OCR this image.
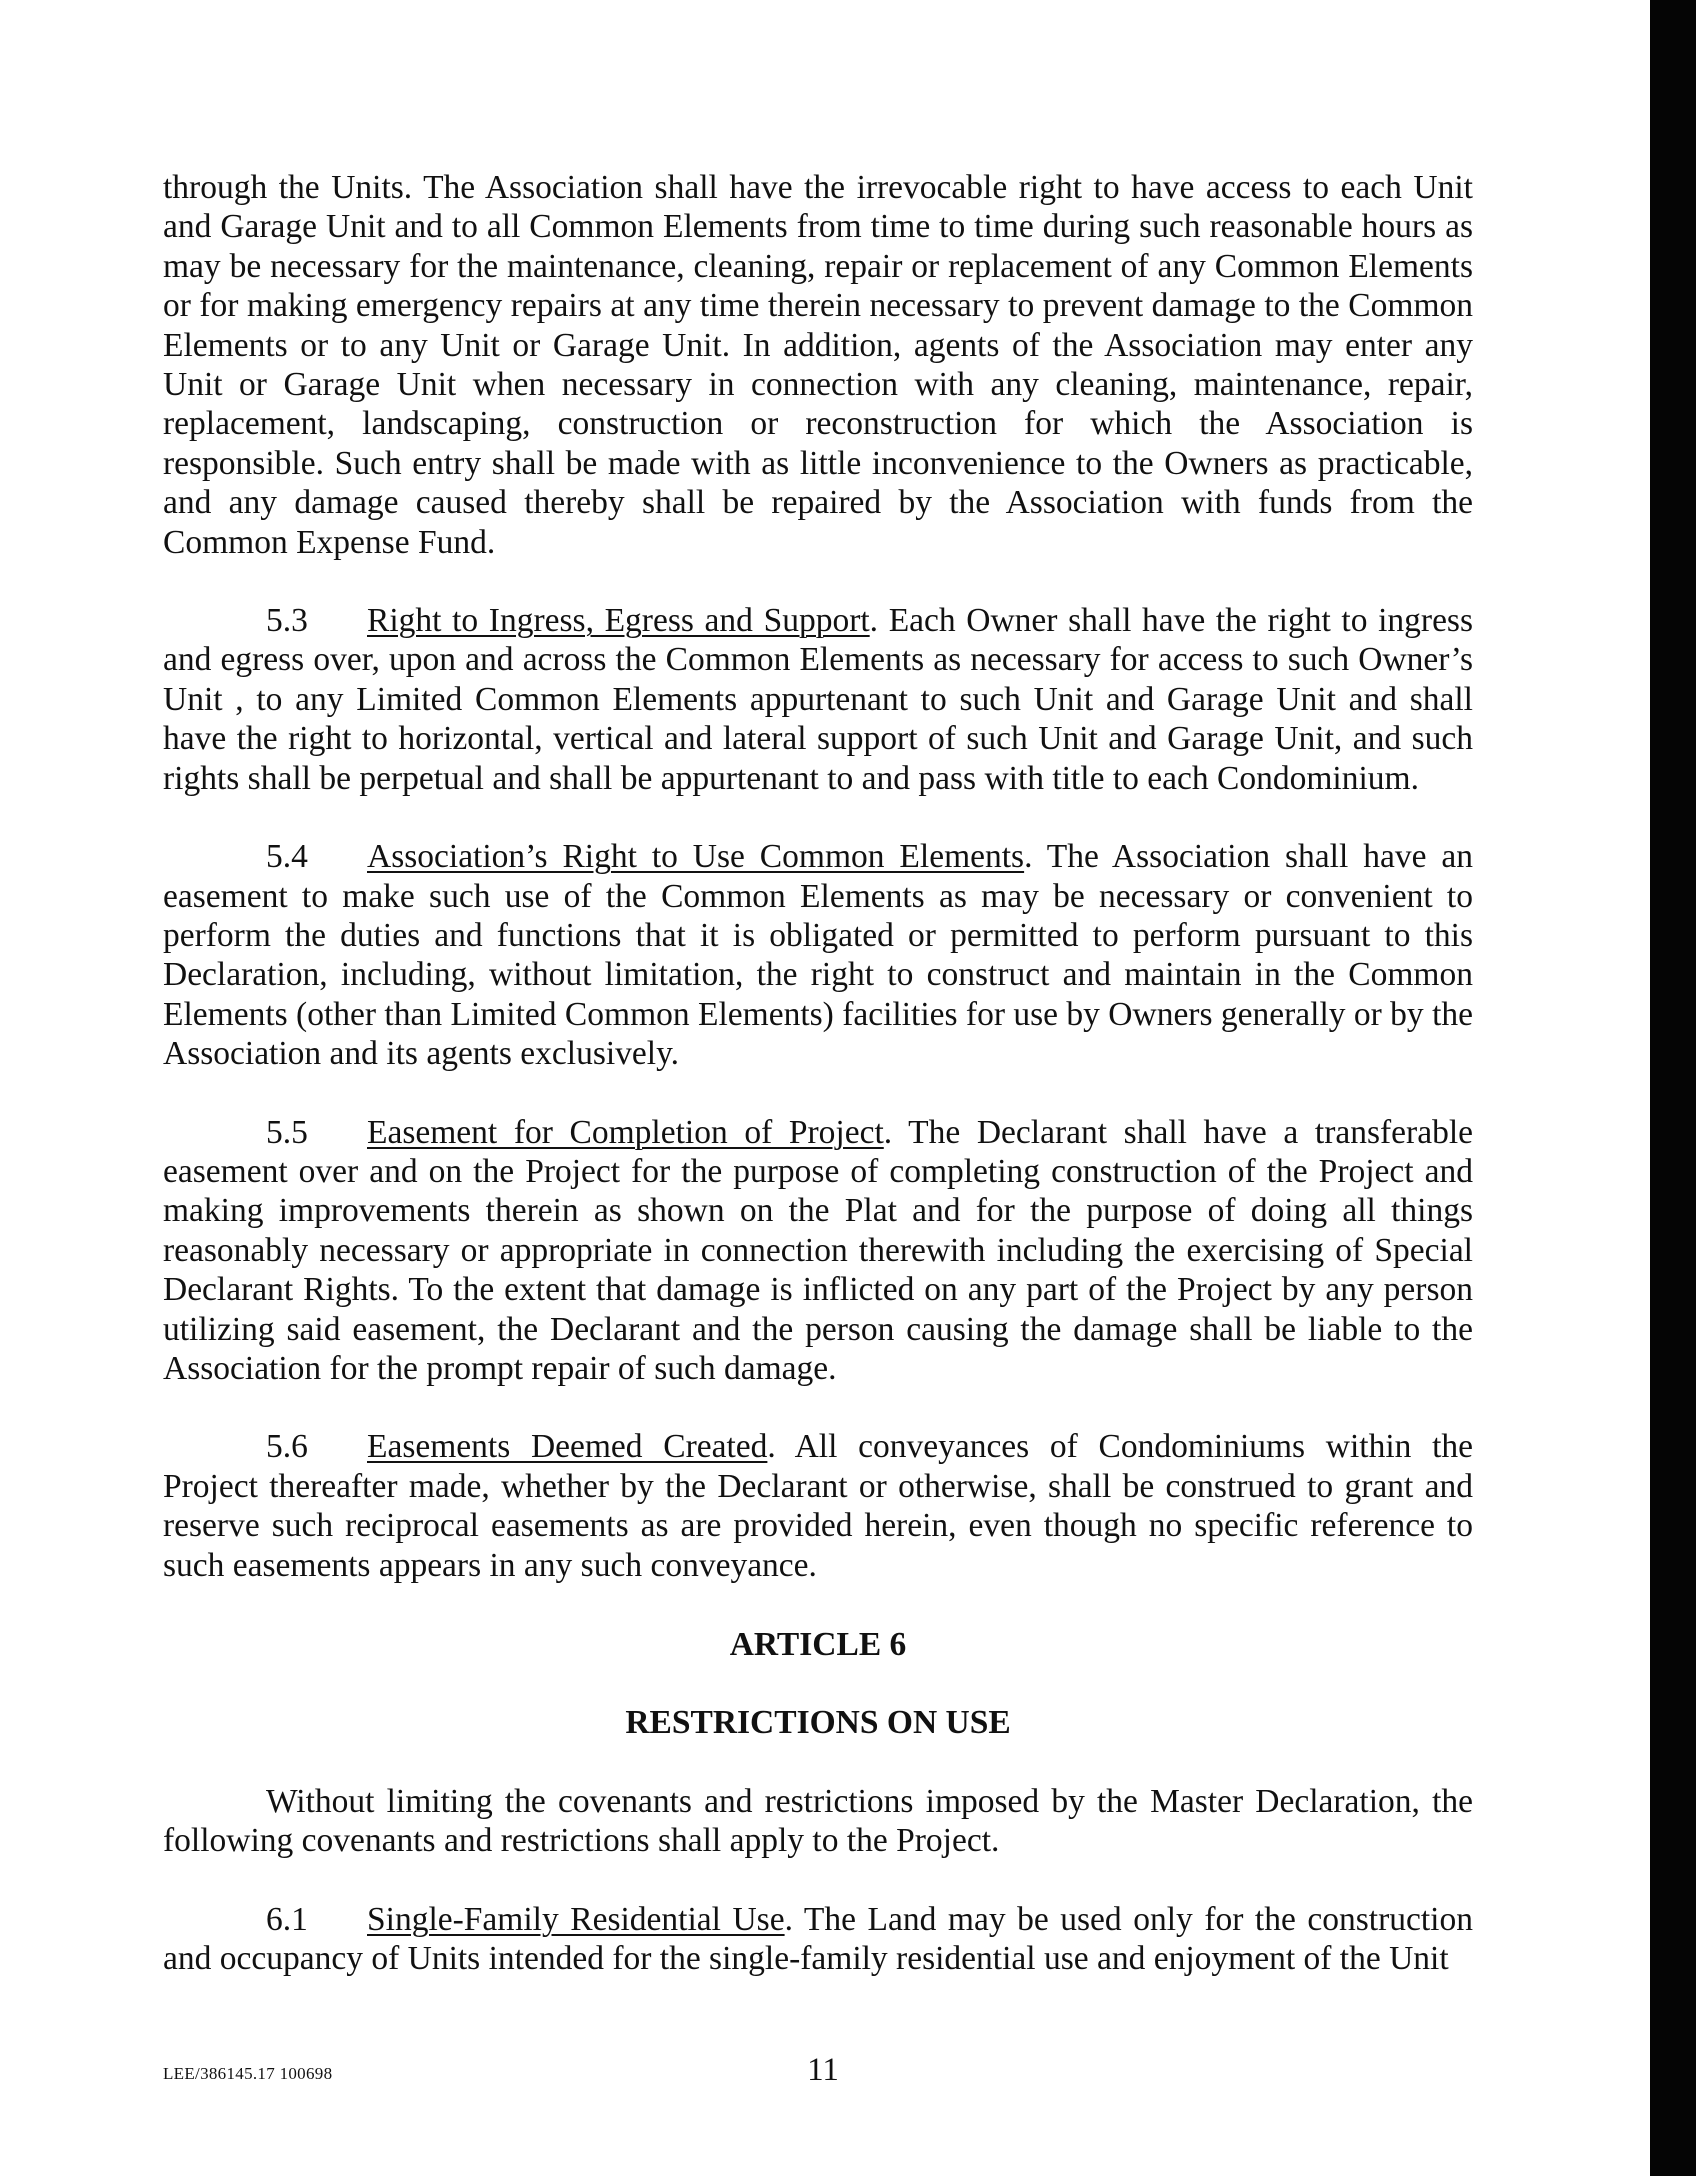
through the Units. The Association shall have the irrevocable right to have access to each Unit and Garage Unit and to all Common Elements from time to time during such reasonable hours as may be necessary for the maintenance, cleaning, repair or replacement of any Common Elements or for making emergency repairs at any time therein necessary to prevent damage to the Common Elements or to any Unit or Garage Unit. In addition, agents of the Association may enter any Unit or Garage Unit when necessary in connection with any cleaning, maintenance, repair, replacement, landscaping, construction or reconstruction for which the Association is responsible. Such entry shall be made with as little inconvenience to the Owners as practicable, and any damage caused thereby shall be repaired by the Association with funds from the Common Expense Fund.

5.3 Right to Ingress, Egress and Support. Each Owner shall have the right to ingress and egress over, upon and across the Common Elements as necessary for access to such Owner’s Unit , to any Limited Common Elements appurtenant to such Unit and Garage Unit and shall have the right to horizontal, vertical and lateral support of such Unit and Garage Unit, and such rights shall be perpetual and shall be appurtenant to and pass with title to each Condominium.

5.4 Association’s Right to Use Common Elements. The Association shall have an easement to make such use of the Common Elements as may be necessary or convenient to perform the duties and functions that it is obligated or permitted to perform pursuant to this Declaration, including, without limitation, the right to construct and maintain in the Common Elements (other than Limited Common Elements) facilities for use by Owners generally or by the Association and its agents exclusively.

5.5 Easement for Completion of Project. The Declarant shall have a transferable easement over and on the Project for the purpose of completing construction of the Project and making improvements therein as shown on the Plat and for the purpose of doing all things reasonably necessary or appropriate in connection therewith including the exercising of Special Declarant Rights. To the extent that damage is inflicted on any part of the Project by any person utilizing said easement, the Declarant and the person causing the damage shall be liable to the Association for the prompt repair of such damage.

5.6 Easements Deemed Created. All conveyances of Condominiums within the Project thereafter made, whether by the Declarant or otherwise, shall be construed to grant and reserve such reciprocal easements as are provided herein, even though no specific reference to such easements appears in any such conveyance.

ARTICLE 6

RESTRICTIONS ON USE

Without limiting the covenants and restrictions imposed by the Master Declaration, the following covenants and restrictions shall apply to the Project.

6.1 Single-Family Residential Use. The Land may be used only for the construction and occupancy of Units intended for the single-family residential use and enjoyment of the Unit

LEE/386145.17 100698	11
